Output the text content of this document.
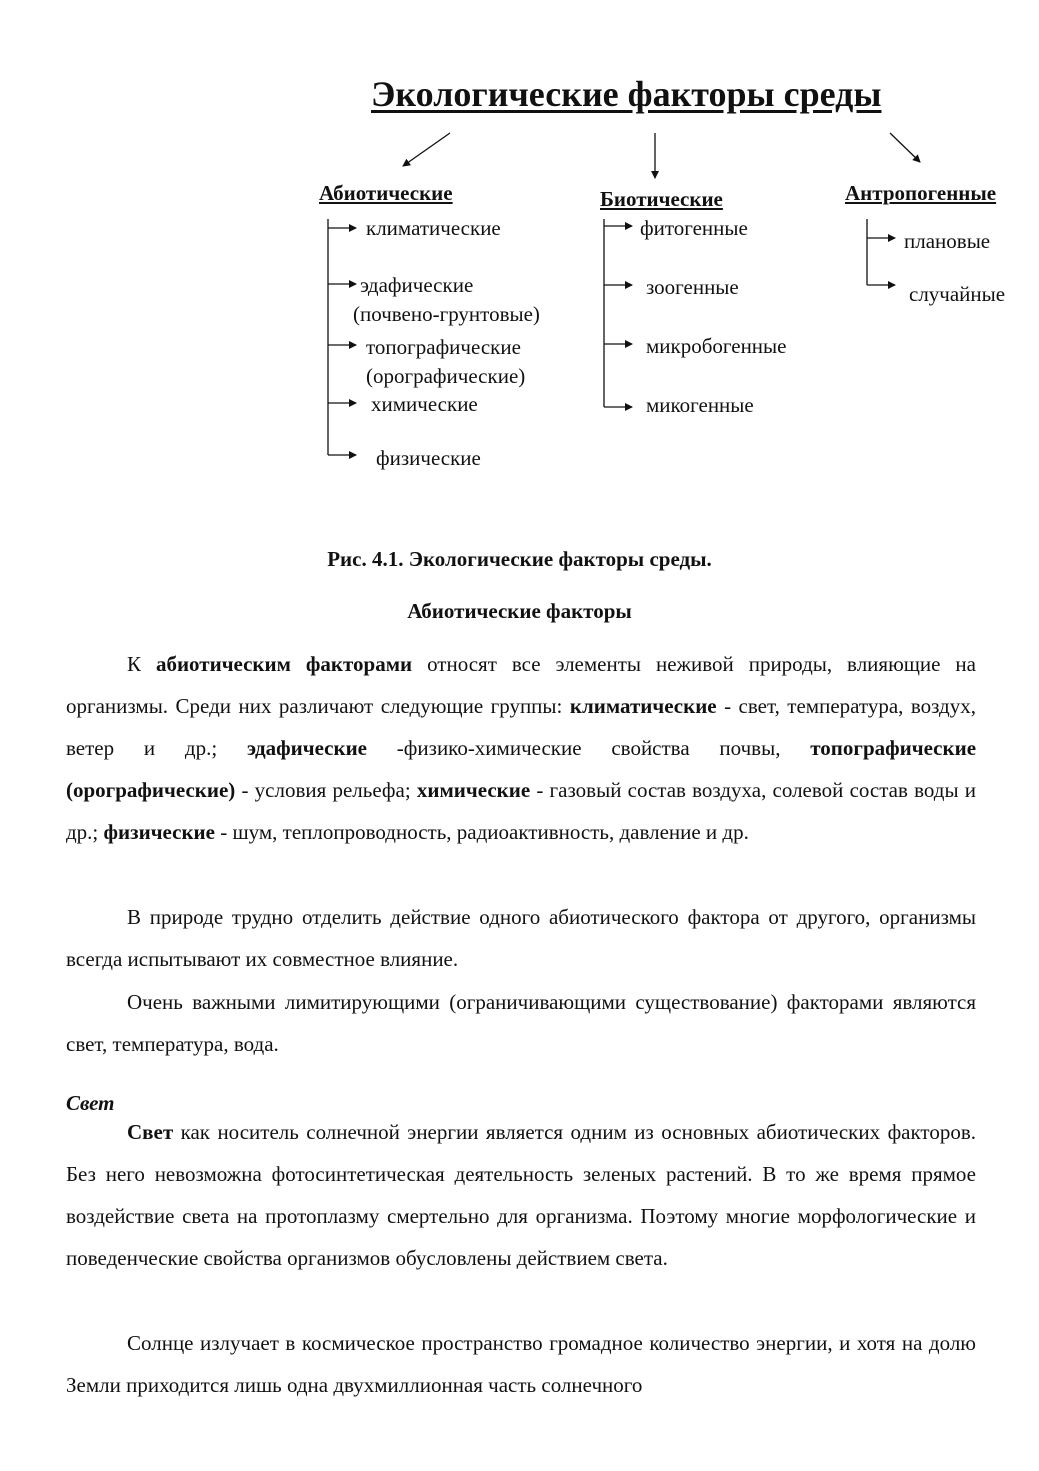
Экологические факторы среды
Абиотические	Биотические	Антропогенные
климатические
эдафические
(почвено-грунтовые)
топографические
(орографические)
химические
физические
фитогенные
зоогенные
микробогенные
микогенные
плановые
случайные
Рис. 4.1. Экологические факторы среды.
Абиотические факторы

К абиотическим факторами относят все элементы неживой природы, влияющие на организмы. Среди них различают следующие группы: климатические - свет, температура, воздух, ветер и др.; эдафические -физико-химические свойства почвы, топографические (орографические) - условия рельефа; химические - газовый состав воздуха, солевой состав воды и др.; физические - шум, теплопроводность, радиоактивность, давление и др.

В природе трудно отделить действие одного абиотического фактора от другого, организмы всегда испытывают их совместное влияние.

Очень важными лимитирующими (ограничивающими существование) факторами являются свет, температура, вода.

Свет

Свет как носитель солнечной энергии является одним из основных абиотических факторов. Без него невозможна фотосинтетическая деятельность зеленых растений. В то же время прямое воздействие света на протоплазму смертельно для организма. Поэтому многие морфологические и поведенческие свойства организмов обусловлены действием света.

Солнце излучает в космическое пространство громадное количество энергии, и хотя на долю Земли приходится лишь одна двухмиллионная часть солнечного
